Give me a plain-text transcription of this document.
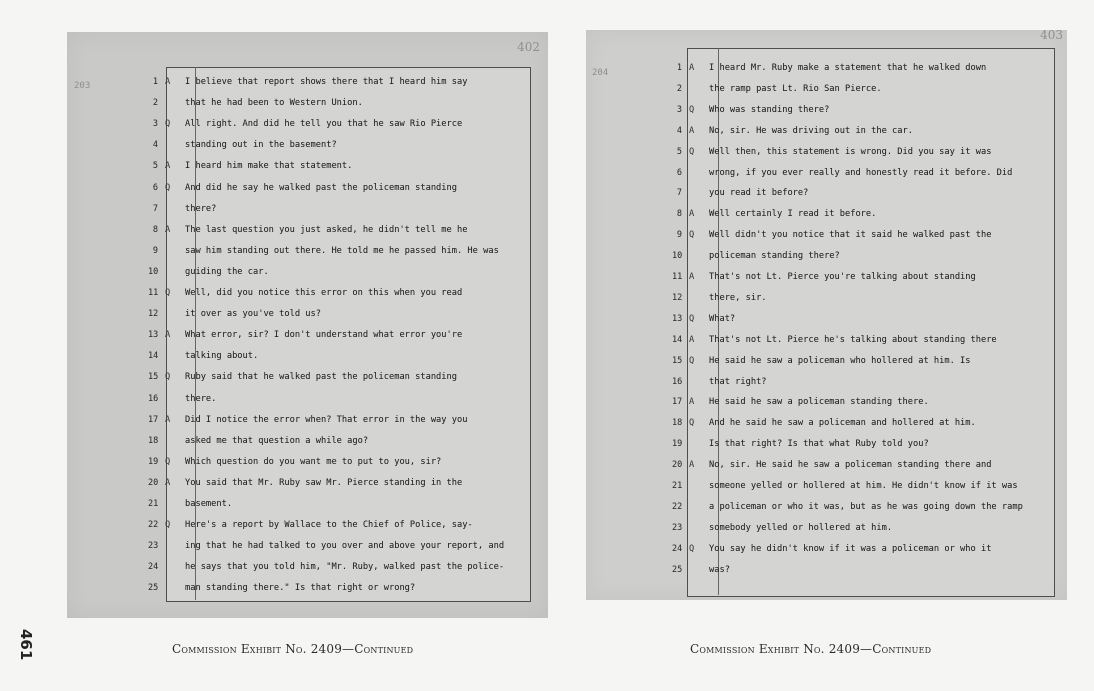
402
203	1 A	I believe that report shows there that I heard him say
2	that he had been to Western Union.
3 Q	All right. And did he tell you that he saw Rio Pierce
4	standing out in the basement?
5 A	I heard him make that statement.
6 Q	And did he say he walked past the policeman standing
7	there?
8 A	The last question you just asked, he didn't tell me he
9	saw him standing out there. He told me he passed him. He was
10	guiding the car.
11 Q	Well, did you notice this error on this when you read
12	it over as you've told us?
13 A	What error, sir? I don't understand what error you're
14	talking about.
15 Q	Ruby said that he walked past the policeman standing
16	there.
17 A	Did I notice the error when? That error in the way you
18	asked me that question a while ago?
19 Q	Which question do you want me to put to you, sir?
20 A	You said that Mr. Ruby saw Mr. Pierce standing in the
21	basement.
22 Q	Here's a report by Wallace to the Chief of Police, say-
23	ing that he had talked to you over and above your report, and
24	he says that you told him, "Mr. Ruby, walked past the police-
25	man standing there." Is that right or wrong?
403
204	1 A	I heard Mr. Ruby make a statement that he walked down
2	the ramp past Lt. Rio San Pierce.
3 Q	Who was standing there?
4 A	No, sir. He was driving out in the car.
5 Q	Well then, this statement is wrong. Did you say it was
6	wrong, if you ever really and honestly read it before. Did
7	you read it before?
8 A	Well certainly I read it before.
9 Q	Well didn't you notice that it said he walked past the
10	policeman standing there?
11 A	That's not Lt. Pierce you're talking about standing
12	there, sir.
13 Q	What?
14 A	That's not Lt. Pierce he's talking about standing there
15 Q	He said he saw a policeman who hollered at him. Is
16	that right?
17 A	He said he saw a policeman standing there.
18 Q	And he said he saw a policeman and hollered at him.
19	Is that right? Is that what Ruby told you?
20 A	No, sir. He said he saw a policeman standing there and
21	someone yelled or hollered at him. He didn't know if it was
22	a policeman or who it was, but as he was going down the ramp
23	somebody yelled or hollered at him.
24 Q	You say he didn't know if it was a policeman or who it
25	was?
461	Commission Exhibit No. 2409—Continued	Commission Exhibit No. 2409—Continued
